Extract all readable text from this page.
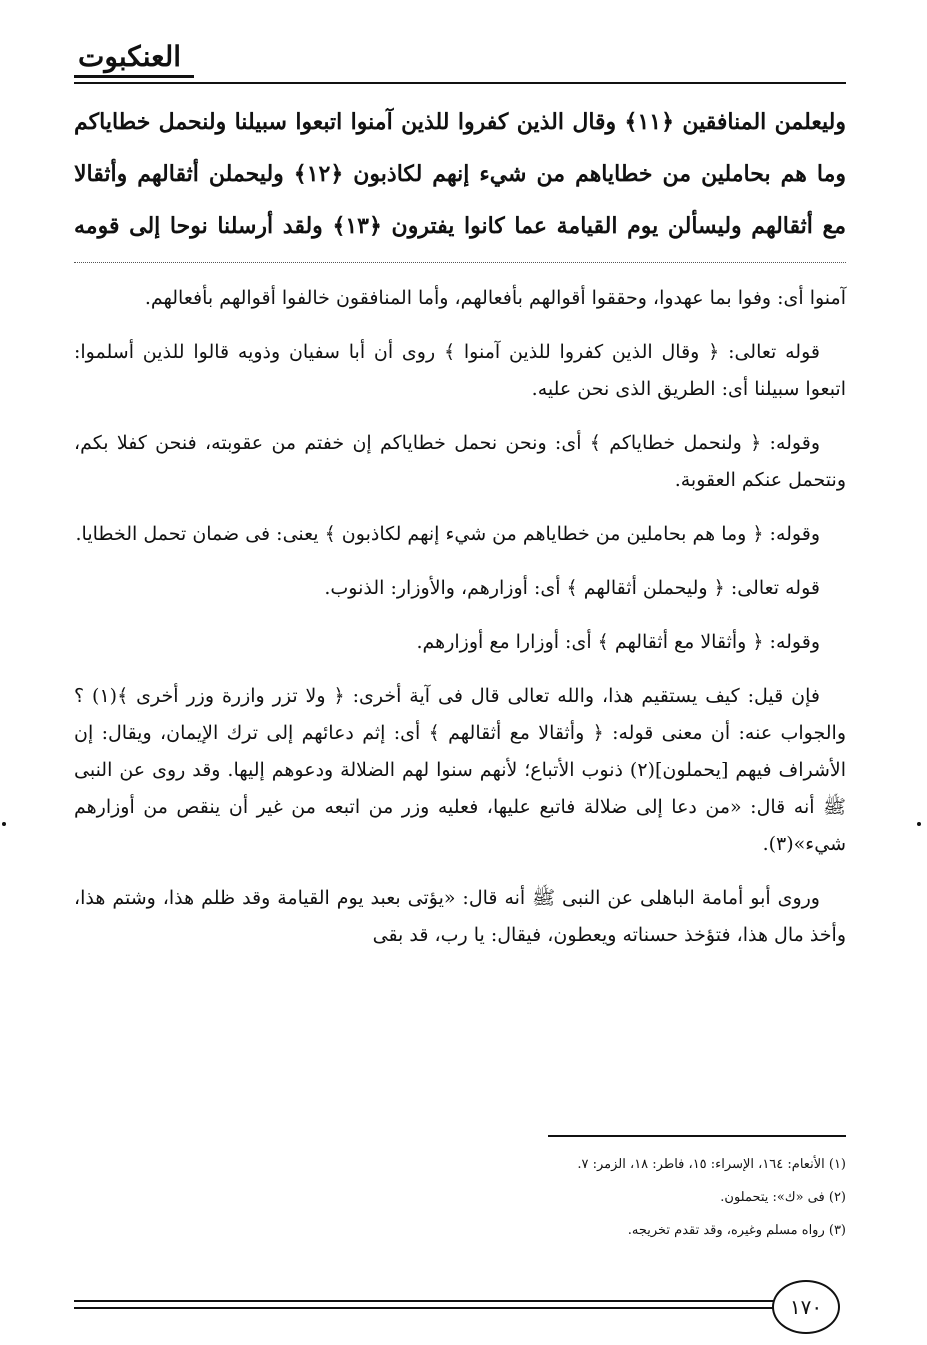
العنكبوت
وليعلمن المنافقين ﴿١١﴾ وقال الذين كفروا للذين آمنوا اتبعوا سبيلنا ولنحمل خطاياكم
وما هم بحاملين من خطاياهم من شيء إنهم لكاذبون ﴿١٢﴾ وليحملن أثقالهم وأثقالا
مع أثقالهم وليسألن يوم القيامة عما كانوا يفترون ﴿١٣﴾ ولقد أرسلنا نوحا إلى قومه

آمنوا أى: وفوا بما عهدوا، وحققوا أقوالهم بأفعالهم، وأما المنافقون خالفوا أقوالهم بأفعالهم.

قوله تعالى: ﴿ وقال الذين كفروا للذين آمنوا ﴾ روى أن أبا سفيان وذويه قالوا للذين أسلموا: اتبعوا سبيلنا أى: الطريق الذى نحن عليه.

وقوله: ﴿ ولنحمل خطاياكم ﴾ أى: ونحن نحمل خطاياكم إن خفتم من عقوبته، فنحن كفلا بكم، ونتحمل عنكم العقوبة.

وقوله: ﴿ وما هم بحاملين من خطاياهم من شيء إنهم لكاذبون ﴾ يعنى: فى ضمان تحمل الخطايا.

قوله تعالى: ﴿ وليحملن أثقالهم ﴾ أى: أوزارهم، والأوزار: الذنوب.

وقوله: ﴿ وأثقالا مع أثقالهم ﴾ أى: أوزارا مع أوزارهم.

فإن قيل: كيف يستقيم هذا، والله تعالى قال فى آية أخرى: ﴿ ولا تزر وازرة وزر أخرى ﴾(١) ؟ والجواب عنه: أن معنى قوله: ﴿ وأثقالا مع أثقالهم ﴾ أى: إثم دعائهم إلى ترك الإيمان، ويقال: إن الأشراف فيهم [يحملون](٢) ذنوب الأتباع؛ لأنهم سنوا لهم الضلالة ودعوهم إليها. وقد روى عن النبى ﷺ أنه قال: «من دعا إلى ضلالة فاتبع عليها، فعليه وزر من اتبعه من غير أن ينقص من أوزارهم شيء»(٣).

وروى أبو أمامة الباهلى عن النبى ﷺ أنه قال: «يؤتى بعبد يوم القيامة وقد ظلم هذا، وشتم هذا، وأخذ مال هذا، فتؤخذ حسناته ويعطون، فيقال: يا رب، قد بقى

(١) الأنعام: ١٦٤، الإسراء: ١٥، فاطر: ١٨، الزمر: ٧.
(٢) فى «ك»: يتحملون.
(٣) رواه مسلم وغيره، وقد تقدم تخريجه.
١٧٠
